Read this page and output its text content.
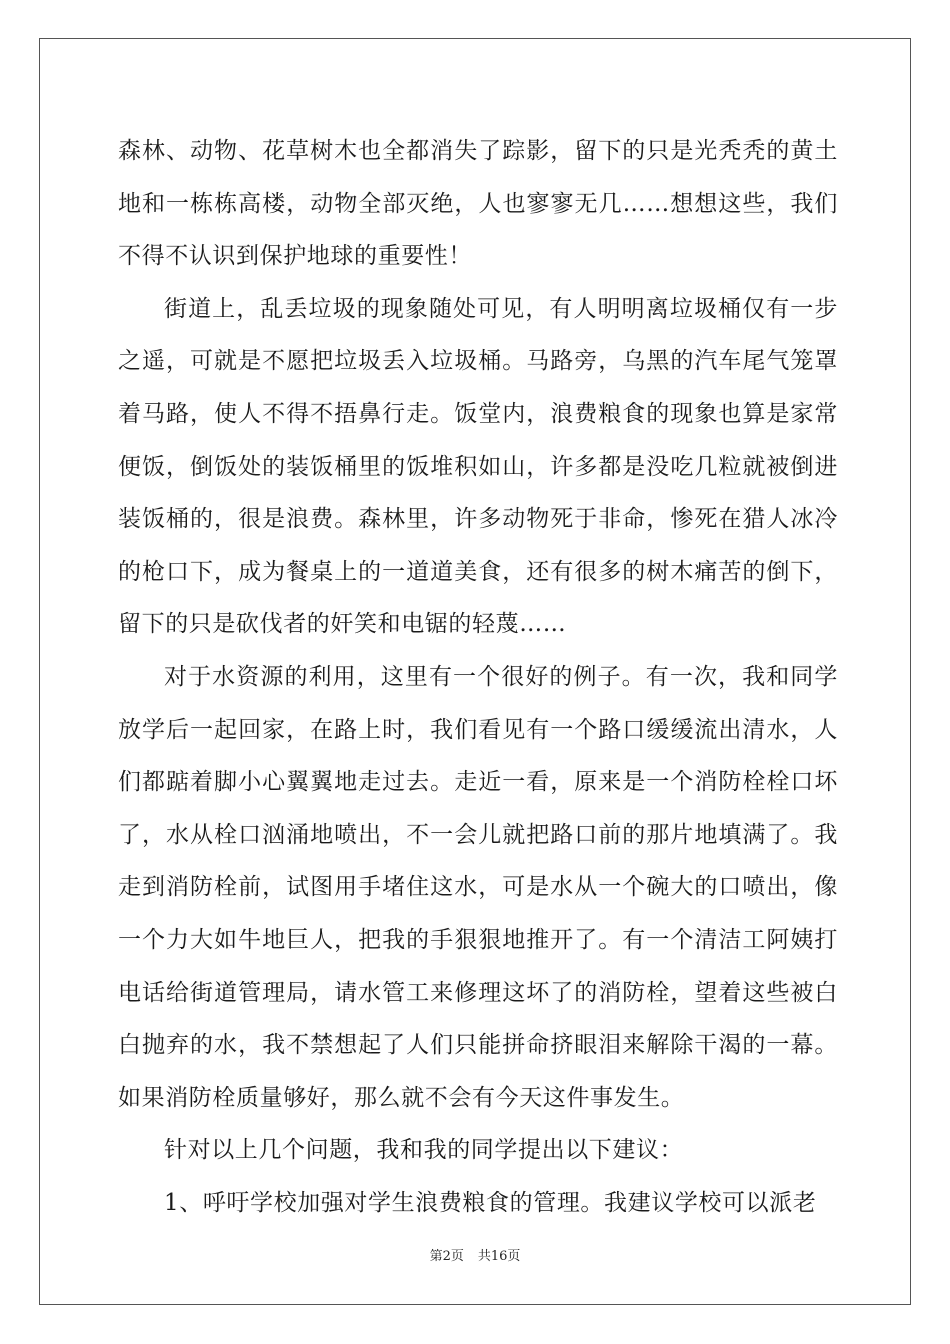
森林、动物、花草树木也全都消失了踪影，留下的只是光秃秃的黄土地和一栋栋高楼，动物全部灭绝，人也寥寥无几……想想这些，我们不得不认识到保护地球的重要性！

街道上，乱丢垃圾的现象随处可见，有人明明离垃圾桶仅有一步之遥，可就是不愿把垃圾丢入垃圾桶。马路旁，乌黑的汽车尾气笼罩着马路，使人不得不捂鼻行走。饭堂内，浪费粮食的现象也算是家常便饭，倒饭处的装饭桶里的饭堆积如山，许多都是没吃几粒就被倒进装饭桶的，很是浪费。森林里，许多动物死于非命，惨死在猎人冰冷的枪口下，成为餐桌上的一道道美食，还有很多的树木痛苦的倒下，留下的只是砍伐者的奸笑和电锯的轻蔑……

对于水资源的利用，这里有一个很好的例子。有一次，我和同学放学后一起回家，在路上时，我们看见有一个路口缓缓流出清水，人们都踮着脚小心翼翼地走过去。走近一看，原来是一个消防栓栓口坏了，水从栓口汹涌地喷出，不一会儿就把路口前的那片地填满了。我走到消防栓前，试图用手堵住这水，可是水从一个碗大的口喷出，像一个力大如牛地巨人，把我的手狠狠地推开了。有一个清洁工阿姨打电话给街道管理局，请水管工来修理这坏了的消防栓，望着这些被白白抛弃的水，我不禁想起了人们只能拼命挤眼泪来解除干渴的一幕。如果消防栓质量够好，那么就不会有今天这件事发生。

针对以上几个问题，我和我的同学提出以下建议：

1、呼吁学校加强对学生浪费粮食的管理。我建议学校可以派老

第2页 共16页
